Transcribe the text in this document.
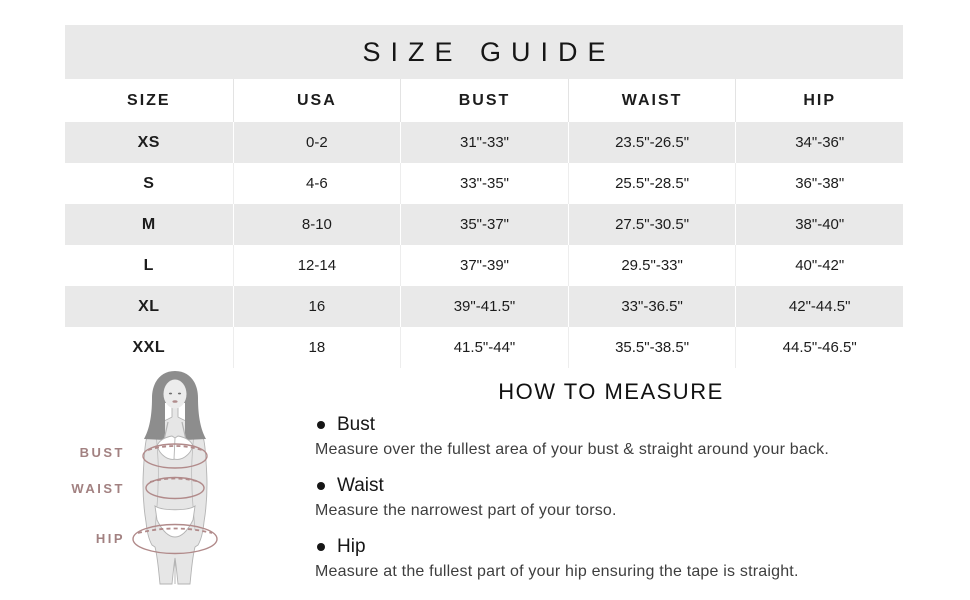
SIZE GUIDE
SIZE	USA	BUST	WAIST	HIP
XS	0-2	31"-33"	23.5"-26.5"	34"-36"
S	4-6	33"-35"	25.5"-28.5"	36"-38"
M	8-10	35"-37"	27.5"-30.5"	38"-40"
L	12-14	37"-39"	29.5"-33"	40"-42"
XL	16	39"-41.5"	33"-36.5"	42"-44.5"
XXL	18	41.5"-44"	35.5"-38.5"	44.5"-46.5"
BUST
WAIST
HIP
HOW TO MEASURE
Bust
Measure over the fullest area of your bust & straight around your back.
Waist
Measure the narrowest part of your torso.
Hip
Measure at the fullest part of your hip ensuring the tape is straight.
